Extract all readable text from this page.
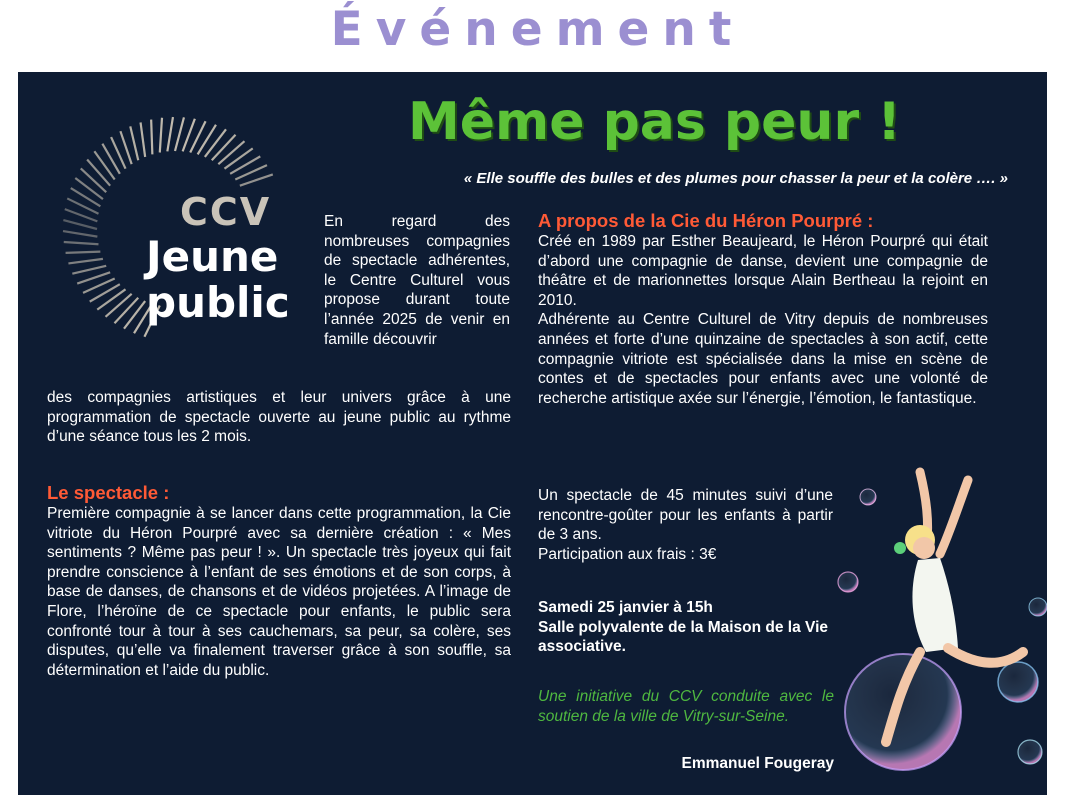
Événement
CCV
Jeune
public
Même pas peur !
« Elle souffle des bulles et des plumes pour chasser la peur et la colère …. »
En regard des nombreuses compagnies de spectacle adhérentes, le Centre Culturel vous propose durant toute l’année 2025 de venir en famille découvrir
des compagnies artistiques et leur univers grâce à une programmation de spectacle ouverte au jeune public au rythme d’une séance tous les 2 mois.
Le spectacle :

Première compagnie à se lancer dans cette programmation, la Cie vitriote du Héron Pourpré avec sa dernière création : « Mes sentiments ? Même pas peur ! ». Un spectacle très joyeux qui fait prendre conscience à l’enfant de ses émotions et de son corps, à base de danses, de chansons et de vidéos projetées. A l’image de Flore, l’héroïne de ce spectacle pour enfants, le public sera confronté tour à tour à ses cauchemars, sa peur, sa colère, ses disputes, qu’elle va finalement traverser grâce à son souffle, sa détermination et l’aide du public.

A propos de la Cie du Héron Pourpré :

Créé en 1989 par Esther Beaujeard, le Héron Pourpré qui était d’abord une compagnie de danse, devient une compagnie de théâtre et de marionnettes lorsque Alain Bertheau la rejoint en 2010.

Adhérente au Centre Culturel de Vitry depuis de nombreuses années et forte d’une quinzaine de spectacles à son actif, cette compagnie vitriote est spécialisée dans la mise en scène de contes et de spectacles pour enfants avec une volonté de recherche artistique axée sur l’énergie, l’émotion, le fantastique.

Un spectacle de 45 minutes suivi d’une rencontre-goûter pour les enfants à partir de 3 ans.

Participation aux frais : 3€

Samedi 25 janvier à 15h

Salle polyvalente de la Maison de la Vie associative.

Une initiative du CCV conduite avec le soutien de la ville de Vitry-sur-Seine.
Emmanuel Fougeray
